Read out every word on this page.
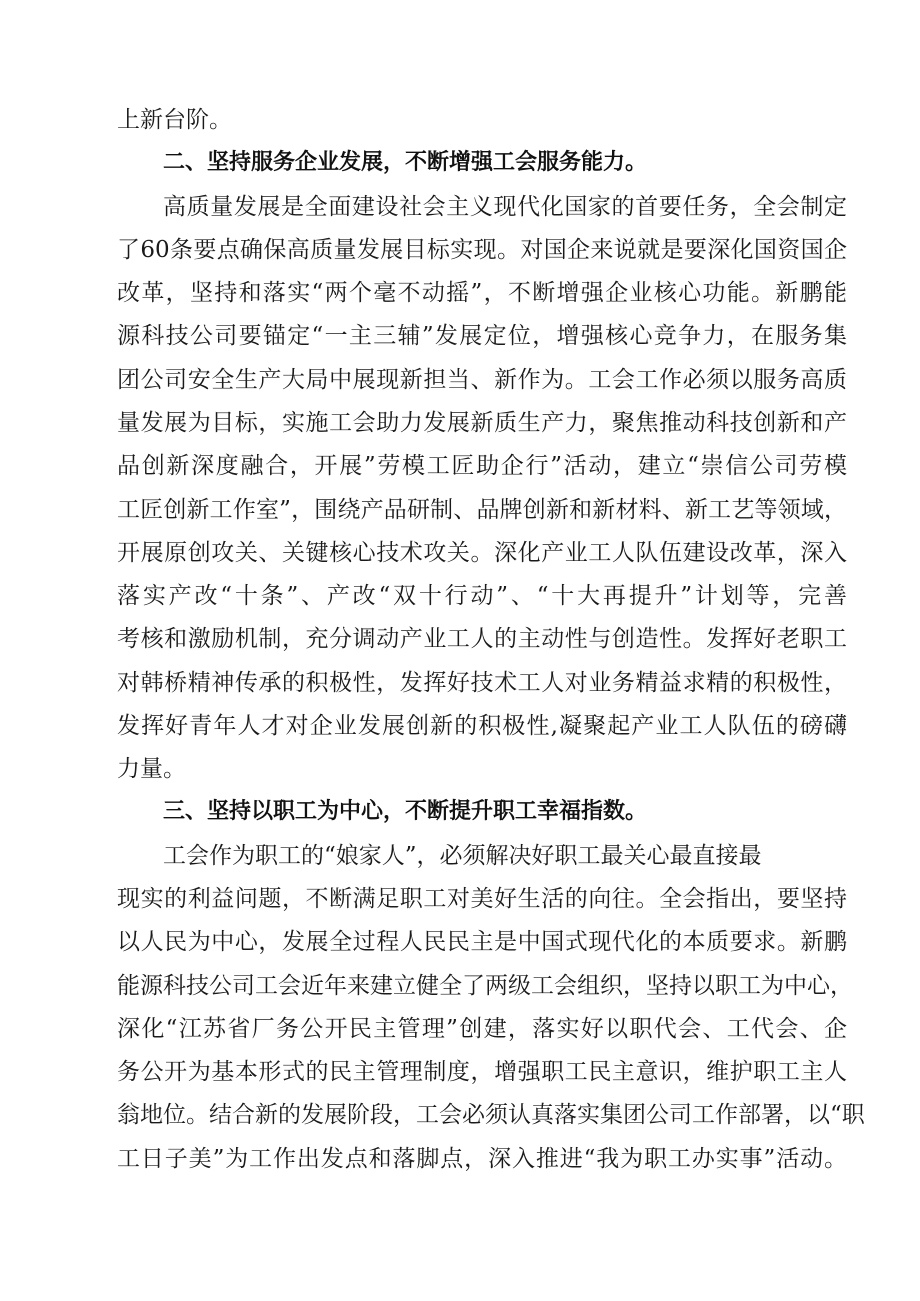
上新台阶。
二、坚持服务企业发展，不断增强工会服务能力。
高质量发展是全面建设社会主义现代化国家的首要任务，全会制定
了60条要点确保高质量发展目标实现。对国企来说就是要深化国资国企
改革，坚持和落实“两个毫不动摇”，不断增强企业核心功能。新鹏能
源科技公司要锚定“一主三辅”发展定位，增强核心竞争力，在服务集
团公司安全生产大局中展现新担当、新作为。工会工作必须以服务高质
量发展为目标，实施工会助力发展新质生产力，聚焦推动科技创新和产
品创新深度融合，开展”劳模工匠助企行”活动，建立“崇信公司劳模
工匠创新工作室”，围绕产品研制、品牌创新和新材料、新工艺等领域，
开展原创攻关、关键核心技术攻关。深化产业工人队伍建设改革，深入
落实产改“十条”、产改“双十行动”、“十大再提升”计划等，完善
考核和激励机制，充分调动产业工人的主动性与创造性。发挥好老职工
对韩桥精神传承的积极性，发挥好技术工人对业务精益求精的积极性，
发挥好青年人才对企业发展创新的积极性,凝聚起产业工人队伍的磅礴
力量。
三、坚持以职工为中心，不断提升职工幸福指数。
工会作为职工的“娘家人”，必须解决好职工最关心最直接最
现实的利益问题，不断满足职工对美好生活的向往。全会指出，要坚持
以人民为中心，发展全过程人民民主是中国式现代化的本质要求。新鹏
能源科技公司工会近年来建立健全了两级工会组织，坚持以职工为中心，
深化“江苏省厂务公开民主管理”创建，落实好以职代会、工代会、企
务公开为基本形式的民主管理制度，增强职工民主意识，维护职工主人
翁地位。结合新的发展阶段，工会必须认真落实集团公司工作部署，以“职
工日子美”为工作出发点和落脚点，深入推进“我为职工办实事”活动。
